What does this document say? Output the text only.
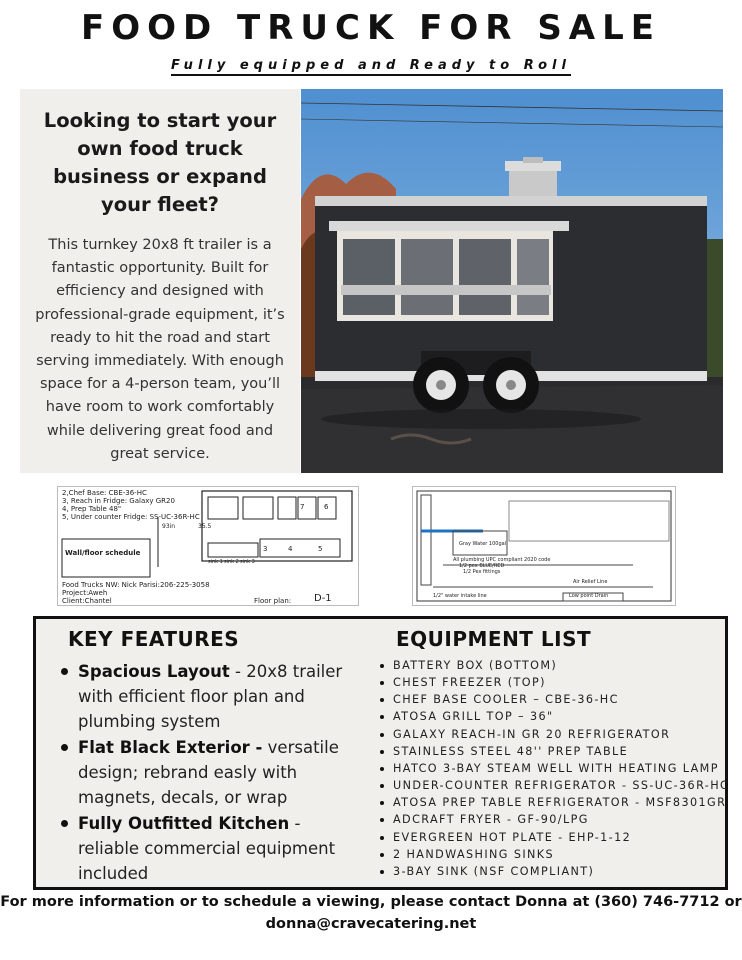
FOOD TRUCK FOR SALE
Fully equipped and Ready to Roll
Looking to start your own food truck business or expand your fleet?

This turnkey 20x8 ft trailer is a fantastic opportunity. Built for efficiency and designed with professional-grade equipment, it’s ready to hit the road and start serving immediately. With enough space for a 4-person team, you’ll have room to work comfortably while delivering great food and great service.

2,Chef Base: CBE-36-HC
3, Reach in Fridge: Galaxy GR20
4, Prep Table 48"
5, Under counter Fridge: SS-UC-36R-HC
93in	35.5
Wall/floor schedule	3	4	5
6
7
sink 1 sink 2 sink 3
Food Trucks NW: Nick Parisi:206-225-3058
Project:Aweh
Client:Chantel	Floor plan: D-1
Gray Water 100gal
All plumbing UPC compliant 2020 code
1/2 pex BLUE/RED
1/2 Pex fittings
Air Relief Line
Low point Drain
1/2" water intake line
KEY FEATURES
Spacious Layout - 20x8 trailer with efficient floor plan and plumbing system
Flat Black Exterior - versatile design; rebrand easly with magnets, decals, or wrap
Fully Outfitted Kitchen - reliable commercial equipment included
EQUIPMENT LIST
BATTERY BOX (BOTTOM)
CHEST FREEZER (TOP)
CHEF BASE COOLER – CBE-36-HC
ATOSA GRILL TOP – 36"
GALAXY REACH-IN GR 20 REFRIGERATOR
STAINLESS STEEL 48'' PREP TABLE
HATCO 3-BAY STEAM WELL WITH HEATING LAMP
UNDER-COUNTER REFRIGERATOR - SS-UC-36R-HC
ATOSA PREP TABLE REFRIGERATOR - MSF8301GR
ADCRAFT FRYER - GF-90/LPG
EVERGREEN HOT PLATE - EHP-1-12
2 HANDWASHING SINKS
3-BAY SINK (NSF COMPLIANT)
For more information or to schedule a viewing, please contact Donna at (360) 746-7712 or
donna@cravecatering.net
